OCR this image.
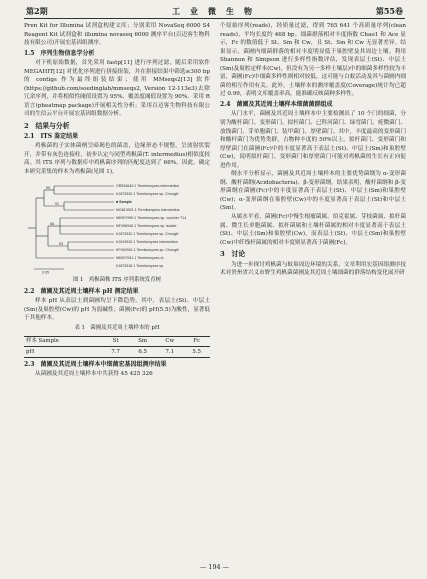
第2期	工　业　微　生　物	第55卷

Pren Kit for Illumina 试剂盒构建文库；分别采用 NovaSeq 6000 S4 Reagent Kit 试剂盒和 illumina novaseq 6000 测序平台(百迈客生物科技有限公司)开展宏基因组测序。

1.5　序列生物信息学分析

对下机原始数据，首先采用 fastp[11] 进行序列过滤，随后采用软件 MEGAHIT[12] 对优化序列进行拼接组装，并在拼接结果中筛选≥300 bp 的 contigs 作为最终组装结果；使用 MMseqs2[13] 软件(https://github.com/soedinglab/mmseqs2, Version 12-113e3)去除冗余序列，并将相似性阈值设置为 95%、覆盖度阈值设置为 90%。采用 R 语言(pheatmap package)开展相关性分析；采用百迈客生物科技有限公司的生信云平台开展宏基因组数据分析。

2　结果与分析
2.1　ITS 鉴定结果

鸡枞菌的子实体菌柄呈暗褐色的菌盖，边缘形态不规整，呈放射状裂开，并带有灰色连接柱，初步认定与同型鸡枞菌(T. intermedius)相似度较高。其 ITS 序列与数据库中鸡枞菌序列的匹配度达到了 66%。因此，确定本研究采集的样本为鸡枞菌(见图 1)。

OR534649.1 Termitomyces intermedius
KJ873330.1 Termitomyces sp. Chonglè
■ Sample
MG819921.1 Termitomyces intermedius
MK907990.1 Termitomyces sp. voucher T14
MF406940.1 Termitomyces sp. isolate
KJ873332.1 Termitomyces sp. Chonglè
KJ819910.1 Termitomyces intermedius
KF040941.1 Termitomyces sp. Chonglè
MK607941.1 Termitomyces cf.
KJ873318.1 Termitomyces sp.
99
91
58
63
0.05
图 1　鸡枞菌株 ITS 序列系统发育树
2.2　菌圃及其近周土壤样本 pH 测定结果

样本 pH 从表层土到菌圃均呈下降趋势。其中，表层土(St)、中层土(Sm)及巢腔壁(Cw)的 pH 为弱碱性；菌圃(Fc)的 pH(5.5)为酸性，显著低于其他样本。

表 1　菌圃及其近周土壤样本的 pH
样本 Sample	St	Sm	Cw	Fc
pH	7.7	6.5	7.1	5.5
2.3　菌圃及其近周土壤样本中细菌宏基因组测序结果

从菌圃及其近周土壤样本中共获得 45 425 326

个原始序列(reads)，经质量过滤，得到 765 641 个高质量序列(clean reads)，平均长度约 468 bp。细菌群落相对丰度指数 Chao1 和 Ace 显示，Fc 的数值低于 St、Sm 和 Cw，且 St、Sm 和 Cw 无显著差异。结果显示，菌圃内细菌群落的相对丰度明显低于巢腔壁及其周边土壤。利用 Shannon 和 Simpson 进行多样性指数评估，发现表层土(St)、中层土(Sm)及巢腔定样本(Cw)，但没有为另一多样土壤层)中的细菌多样性较为丰富，菌圃(Fc)中细菌多样性则相对较低。这可能与白蚁活动及其与菌圃内细菌的相互作用有关。此外，土壤样本的测序覆盖度(Coverage)统计均已超过 0.99，表明文库覆盖率高，能准确反映菌种多样性。

2.4　菌圃及其近周土壤样本细菌菌群组成

从门水平，菌圃及其近周土壤样本中主要检测出了 10 个门的细菌，分别为酸杆菌门、变形菌门、拟杆菌门、已科河菌门、绿弯菌门、疣微菌门、放线菌门、芽单胞菌门、装甲菌门、厚壁菌门。其中，丰度最高的变形菌门和酸杆菌门为优势类群，占物种丰度的 50%以上。拟杆菌门、变形菌门和厚壁菌门在菌圃(Fc)中的丰度显著高于表层土(St)、中层土(Sm)和巢腔壁(Cw)，说明拟杆菌门、变形菌门和厚壁菌门可能对鸡枞菌的生长有正向促进作用。

纲水平分析显示，菌圃及其近周土壤样本的主要优势菌纲为 α-变形菌纲、酸杆菌纲(Acidobacteria)、β-变形菌纲。结果表明，酸杆菌纲和 β-变形菌纲在菌圃(Fc)中的丰度显著高于表层土(St)、中层土(Sm)和巢腔壁(Cw)；α-变形菌纲在巢腔壁(Cw)中的丰度显著高于表层土(St)和中层土(Sm)。

从属水平看，菌圃(Fc)中慢生根瘤菌属、伯克霍属、芽枝菌属、拟杆菌属、微生长单胞菌属、拟杆菌属和土壤杆菌属的相对丰度显著高于表层土(St)、中层土(Sm)和巢腔壁(Cw)，而表层土(St)、中层土(Sm)和巢腔壁(Cw)中纤线杆菌属的相对丰度则显著高于菌圃(Fc)。

3　讨论

为进一步探讨鸡枞菌与蚁巢周边环境的关系，文章利用宏基因组测序技术对贵州省兴义市野生鸡枞菌菌圃及其近周土壤细菌的群落结构变化展开研

— 194 —
